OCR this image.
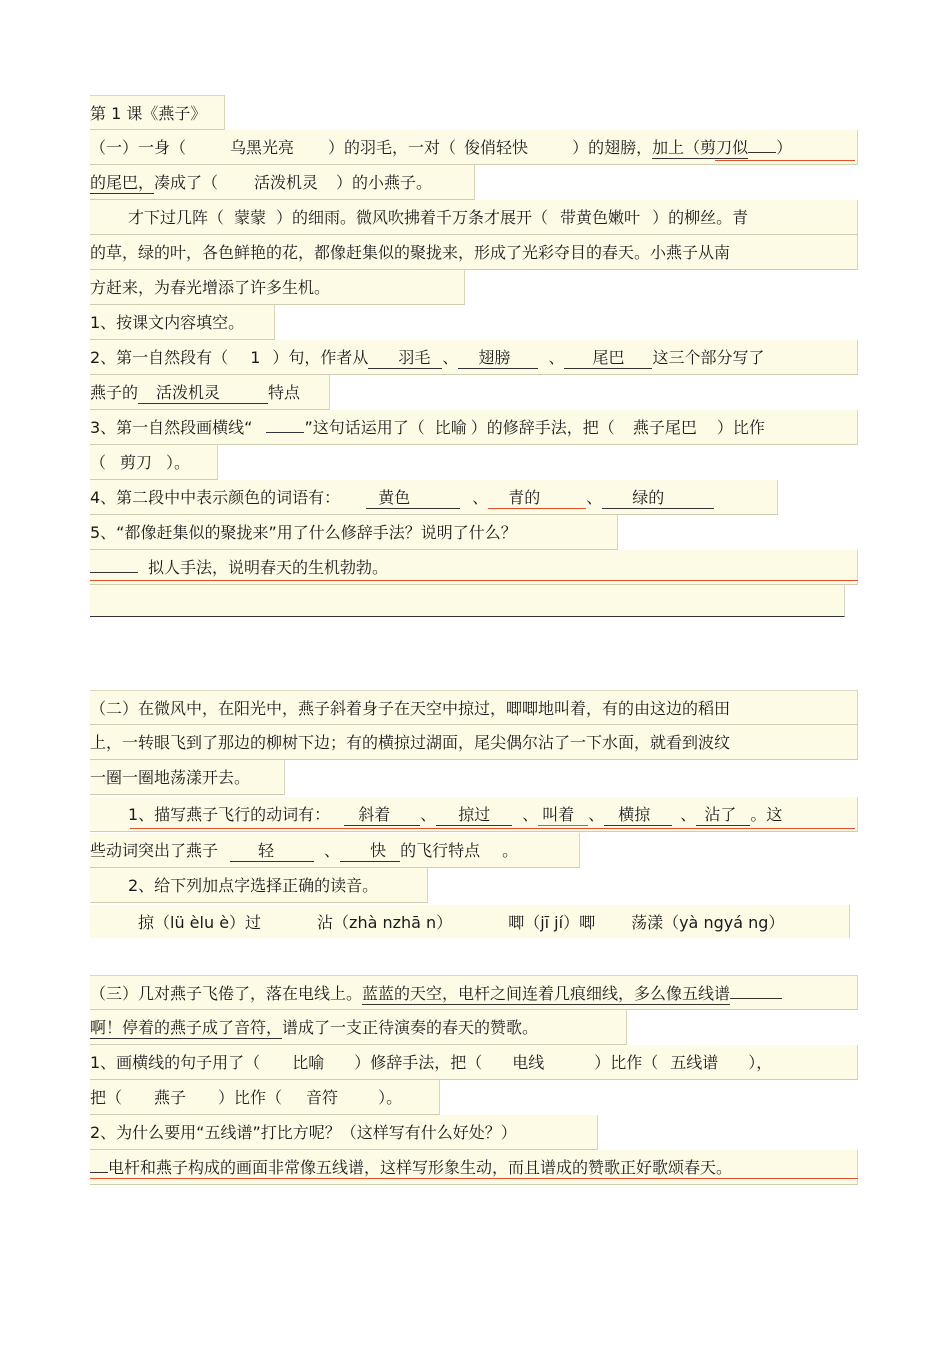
第 1 课《燕子》
（一）一身（	乌黑光亮 ）的羽毛，一对（ 俊俏轻快	）的翅膀，加上（剪刀似 ）
的尾巴，凑成了（ 活泼机灵 ）的小燕子。
才下过几阵（ 蒙蒙 ）的细雨。微风吹拂着千万条才展开（ 带黄色嫩叶 ）的柳丝。青
的草，绿的叶，各色鲜艳的花，都像赶集似的聚拢来，形成了光彩夺目的春天。小燕子从南
方赶来，为春光增添了许多生机。
1、按课文内容填空。
2、第一自然段有（ 1 ）句，作者从 羽毛 、 翅膀 、 尾巴 这三个部分写了
燕子的 活泼机灵	特点
3、第一自然段画横线“	”这句话运用了（ 比喻 ）的修辞手法，把（ 燕子尾巴 ）比作
（ 剪刀 ）。
4、第二段中中表示颜色的词语有： 黄色	、 青的	、 绿的
5、“都像赶集似的聚拢来”用了什么修辞手法？说明了什么？
拟人手法，说明春天的生机勃勃。
（二）在微风中，在阳光中，燕子斜着身子在天空中掠过，唧唧地叫着，有的由这边的稻田
上，一转眼飞到了那边的柳树下边；有的横掠过湖面，尾尖偶尔沾了一下水面，就看到波纹
一圈一圈地荡漾开去。
1、描写燕子飞行的动词有： 斜着 、 掠过 、 叫着 、 横掠 、 沾了 。这
些动词突出了燕子	轻	、 快 的飞行特点 。
2、给下列加点字选择正确的读音。
掠（lü èlu è）过	沾（zhà nzhā n）	唧（jī jí）唧 荡漾（yà ngyá ng）
（三）几对燕子飞倦了，落在电线上。蓝蓝的天空，电杆之间连着几痕细线，多么像五线谱
啊！停着的燕子成了音符，谱成了一支正待演奏的春天的赞歌。
1、画横线的句子用了（ 比喻 ）修辞手法，把（ 电线	）比作（ 五线谱 ），
把（ 燕子 ）比作（ 音符	）。
2、为什么要用“五线谱”打比方呢？（这样写有什么好处？）
电杆和燕子构成的画面非常像五线谱，这样写形象生动，而且谱成的赞歌正好歌颂春天。
